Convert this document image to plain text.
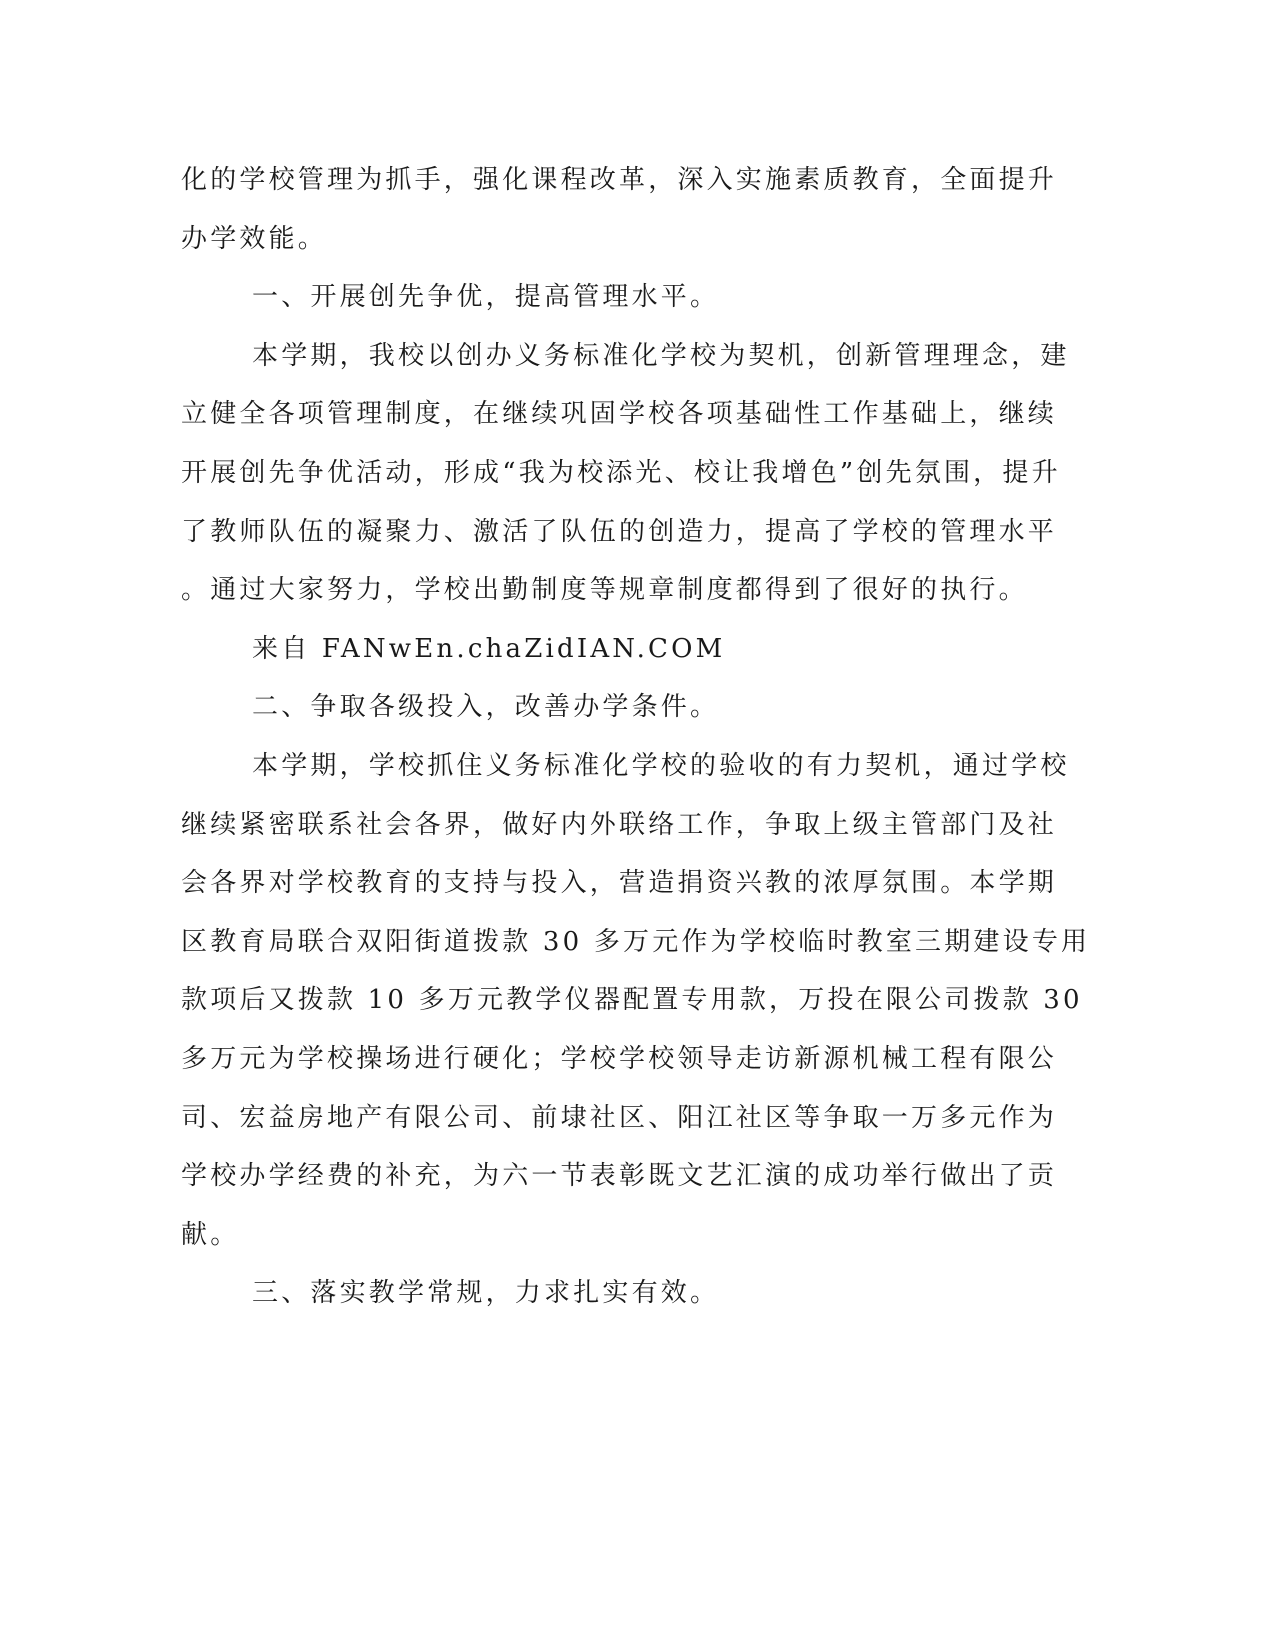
化的学校管理为抓手，强化课程改革，深入实施素质教育，全面提升
办学效能。
一、开展创先争优，提高管理水平。
本学期，我校以创办义务标准化学校为契机，创新管理理念，建
立健全各项管理制度，在继续巩固学校各项基础性工作基础上，继续
开展创先争优活动，形成“我为校添光、校让我增色”创先氛围，提升
了教师队伍的凝聚力、激活了队伍的创造力，提高了学校的管理水平
。通过大家努力，学校出勤制度等规章制度都得到了很好的执行。
来自 FANwEn.chaZidIAN.COM
二、争取各级投入，改善办学条件。
本学期，学校抓住义务标准化学校的验收的有力契机，通过学校
继续紧密联系社会各界，做好内外联络工作，争取上级主管部门及社
会各界对学校教育的支持与投入，营造捐资兴教的浓厚氛围。本学期
区教育局联合双阳街道拨款 30 多万元作为学校临时教室三期建设专用
款项后又拨款 10 多万元教学仪器配置专用款，万投在限公司拨款 30
多万元为学校操场进行硬化；学校学校领导走访新源机械工程有限公
司、宏益房地产有限公司、前埭社区、阳江社区等争取一万多元作为
学校办学经费的补充，为六一节表彰既文艺汇演的成功举行做出了贡
献。
三、落实教学常规，力求扎实有效。
